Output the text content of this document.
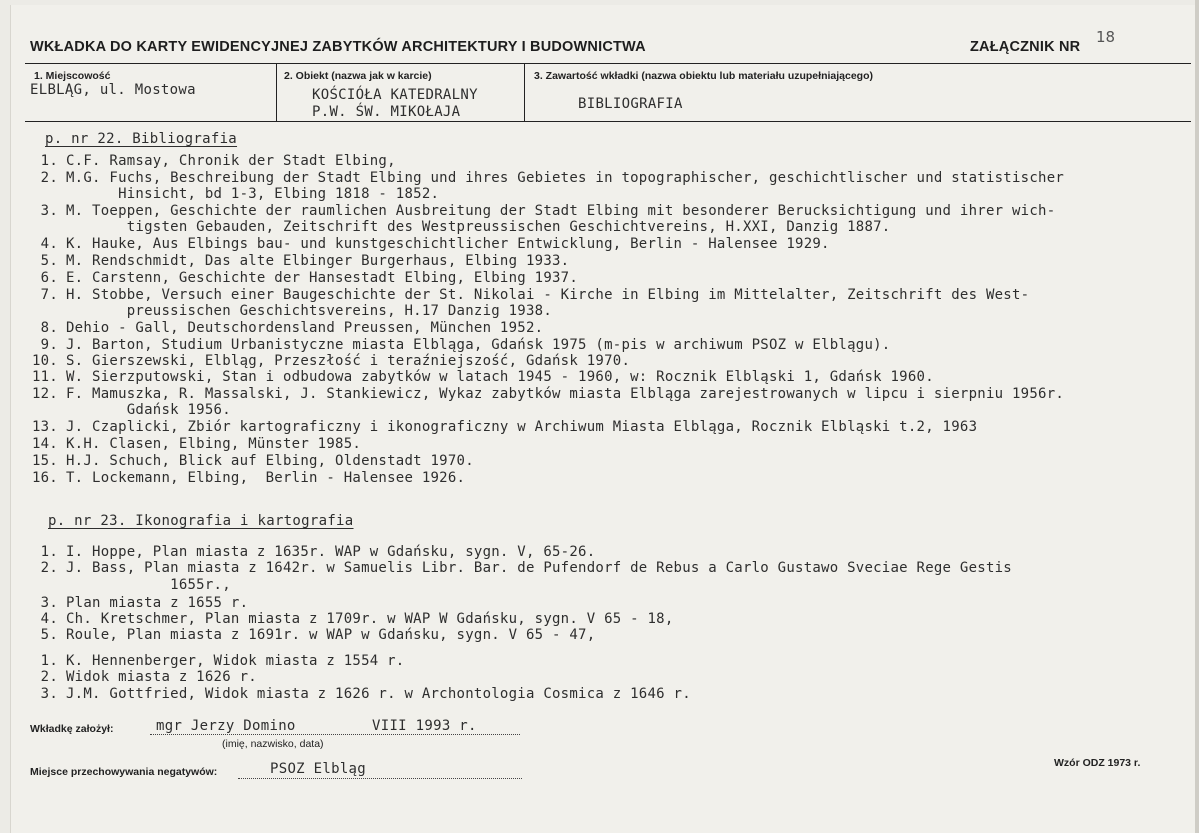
WKŁADKA DO KARTY EWIDENCYJNEJ ZABYTKÓW ARCHITEKTURY I BUDOWNICTWA	ZAŁĄCZNIK NR
18
1. Miejscowość
ELBLĄG, ul. Mostowa
2. Obiekt (nazwa jak w karcie)
KOŚCIÓŁA KATEDRALNY
P.W. ŚW. MIKOŁAJA
3. Zawartość wkładki (nazwa obiektu lub materiału uzupełniającego)
BIBLIOGRAFIA
p. nr 22. Bibliografia
1. C.F. Ramsay, Chronik der Stadt Elbing,
2. M.G. Fuchs, Beschreibung der Stadt Elbing und ihres Gebietes in topographischer, geschichtlischer und statistischer
Hinsicht, bd 1-3, Elbing 1818 - 1852.
3. M. Toeppen, Geschichte der raumlichen Ausbreitung der Stadt Elbing mit besonderer Berucksichtigung und ihrer wich-
tigsten Gebauden, Zeitschrift des Westpreussischen Geschichtvereins, H.XXI, Danzig 1887.
4. K. Hauke, Aus Elbings bau- und kunstgeschichtlicher Entwicklung, Berlin - Halensee 1929.
5. M. Rendschmidt, Das alte Elbinger Burgerhaus, Elbing 1933.
6. E. Carstenn, Geschichte der Hansestadt Elbing, Elbing 1937.
7. H. Stobbe, Versuch einer Baugeschichte der St. Nikolai - Kirche in Elbing im Mittelalter, Zeitschrift des West-
preussischen Geschichtsvereins, H.17 Danzig 1938.
8. Dehio - Gall, Deutschordensland Preussen, München 1952.
9. J. Barton, Studium Urbanistyczne miasta Elbląga, Gdańsk 1975 (m-pis w archiwum PSOZ w Elblągu).
10. S. Gierszewski, Elbląg, Przeszłość i teraźniejszość, Gdańsk 1970.
11. W. Sierzputowski, Stan i odbudowa zabytków w latach 1945 - 1960, w: Rocznik Elbląski 1, Gdańsk 1960.
12. F. Mamuszka, R. Massalski, J. Stankiewicz, Wykaz zabytków miasta Elbląga zarejestrowanych w lipcu i sierpniu 1956r.
Gdańsk 1956.
13. J. Czaplicki, Zbiór kartograficzny i ikonograficzny w Archiwum Miasta Elbląga, Rocznik Elbląski t.2, 1963
14. K.H. Clasen, Elbing, Münster 1985.
15. H.J. Schuch, Blick auf Elbing, Oldenstadt 1970.
16. T. Lockemann, Elbing,  Berlin - Halensee 1926.
p. nr 23. Ikonografia i kartografia
1. I. Hoppe, Plan miasta z 1635r. WAP w Gdańsku, sygn. V, 65-26.
2. J. Bass, Plan miasta z 1642r. w Samuelis Libr. Bar. de Pufendorf de Rebus a Carlo Gustawo Sveciae Rege Gestis
1655r.,
3. Plan miasta z 1655 r.
4. Ch. Kretschmer, Plan miasta z 1709r. w WAP W Gdańsku, sygn. V 65 - 18,
5. Roule, Plan miasta z 1691r. w WAP w Gdańsku, sygn. V 65 - 47,
1. K. Hennenberger, Widok miasta z 1554 r.
2. Widok miasta z 1626 r.
3. J.M. Gottfried, Widok miasta z 1626 r. w Archontologia Cosmica z 1646 r.
Wkładkę założył:	mgr Jerzy Domino	VIII 1993 r.
(imię, nazwisko, data)
Miejsce przechowywania negatywów:	PSOZ Elbląg	Wzór ODZ 1973 r.
